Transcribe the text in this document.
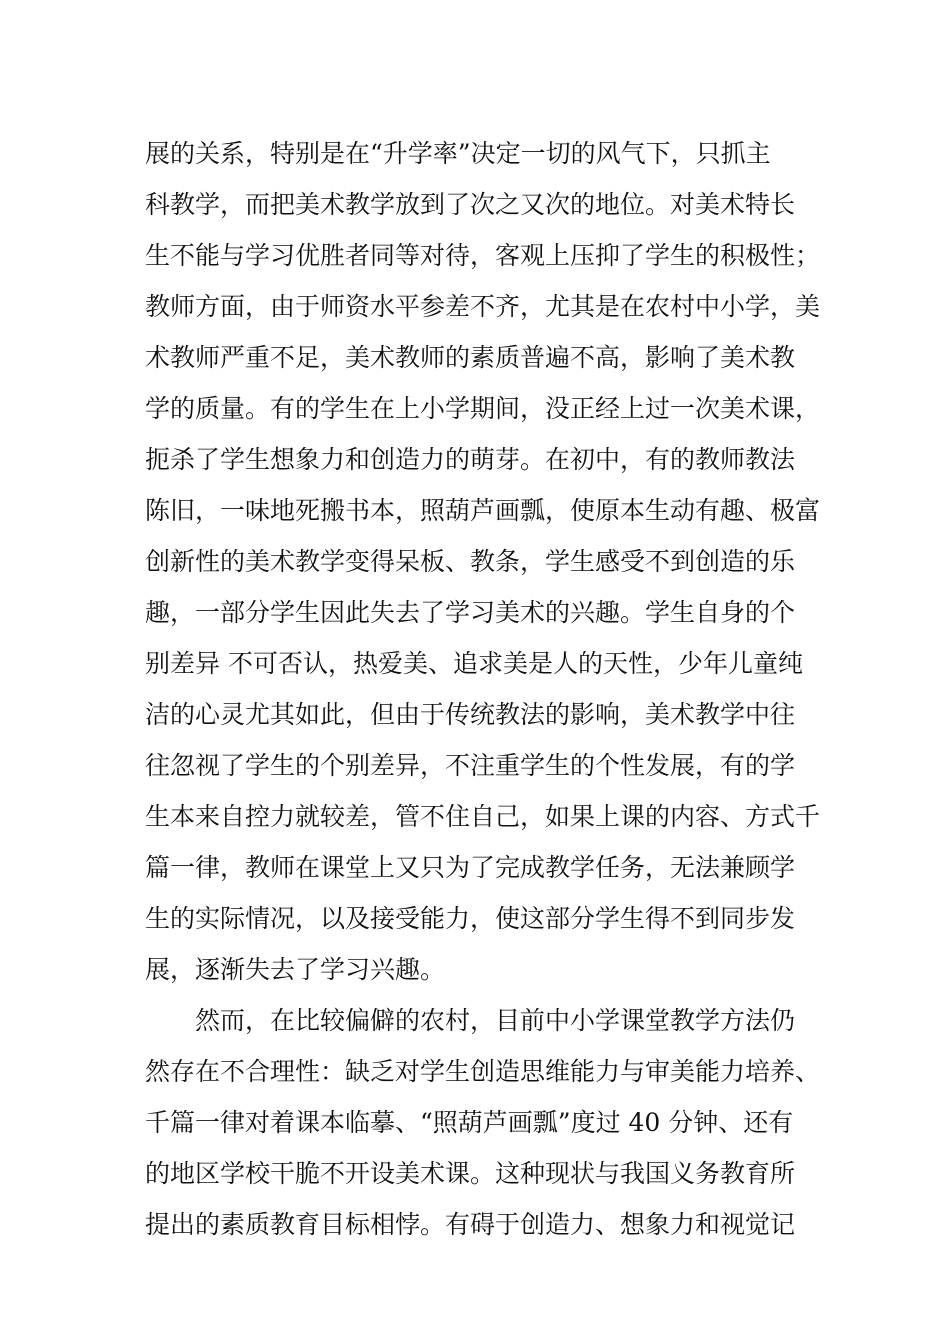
展的关系，特别是在“升学率”决定一切的风气下，只抓主
科教学，而把美术教学放到了次之又次的地位。对美术特长
生不能与学习优胜者同等对待，客观上压抑了学生的积极性；
教师方面，由于师资水平参差不齐，尤其是在农村中小学，美
术教师严重不足，美术教师的素质普遍不高，影响了美术教
学的质量。有的学生在上小学期间，没正经上过一次美术课，
扼杀了学生想象力和创造力的萌芽。在初中，有的教师教法
陈旧，一味地死搬书本，照葫芦画瓢，使原本生动有趣、极富
创新性的美术教学变得呆板、教条，学生感受不到创造的乐
趣，一部分学生因此失去了学习美术的兴趣。学生自身的个
别差异 不可否认，热爱美、追求美是人的天性，少年儿童纯
洁的心灵尤其如此，但由于传统教法的影响，美术教学中往
往忽视了学生的个别差异，不注重学生的个性发展，有的学
生本来自控力就较差，管不住自己，如果上课的内容、方式千
篇一律，教师在课堂上又只为了完成教学任务，无法兼顾学
生的实际情况，以及接受能力，使这部分学生得不到同步发
展，逐渐失去了学习兴趣。
然而，在比较偏僻的农村，目前中小学课堂教学方法仍
然存在不合理性：缺乏对学生创造思维能力与审美能力培养、
千篇一律对着课本临摹、“照葫芦画瓢”度过 40 分钟、还有
的地区学校干脆不开设美术课。这种现状与我国义务教育所
提出的素质教育目标相悖。有碍于创造力、想象力和视觉记
